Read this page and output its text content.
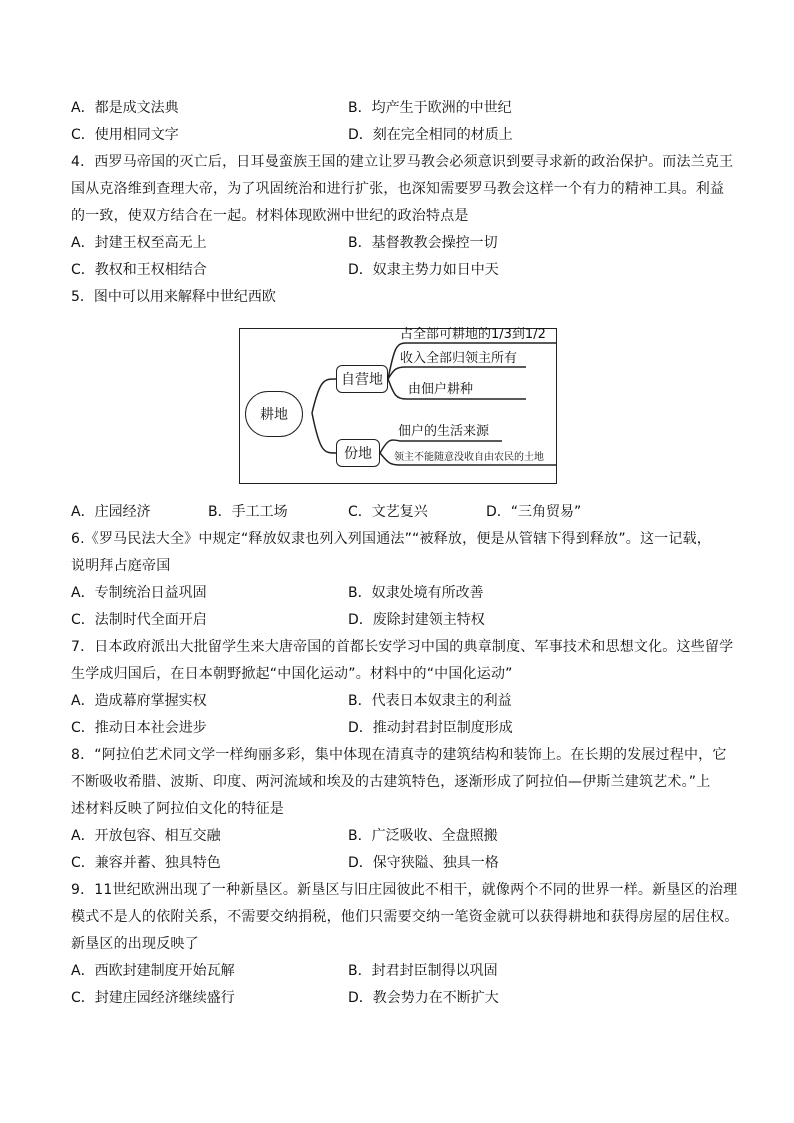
A．都是成文法典	B．均产生于欧洲的中世纪
C．使用相同文字	D．刻在完全相同的材质上
4．西罗马帝国的灭亡后，日耳曼蛮族王国的建立让罗马教会必须意识到要寻求新的政治保护。而法兰克王
国从克洛维到查理大帝，为了巩固统治和进行扩张，也深知需要罗马教会这样一个有力的精神工具。利益
的一致，使双方结合在一起。材料体现欧洲中世纪的政治特点是
A．封建王权至高无上	B．基督教教会操控一切
C．教权和王权相结合	D．奴隶主势力如日中天
5．图中可以用来解释中世纪西欧
耕地
自营地
份地
占全部可耕地的1/3到1/2
收入全部归领主所有
由佃户耕种
佃户的生活来源
领主不能随意没收自由农民的土地
A．庄园经济	B．手工工场	C．文艺复兴	D．“三角贸易”
6.《罗马民法大全》中规定“释放奴隶也列入列国通法”“被释放，便是从管辖下得到释放”。这一记载，
说明拜占庭帝国
A．专制统治日益巩固	B．奴隶处境有所改善
C．法制时代全面开启	D．废除封建领主特权
7．日本政府派出大批留学生来大唐帝国的首都长安学习中国的典章制度、军事技术和思想文化。这些留学
生学成归国后，在日本朝野掀起“中国化运动”。材料中的“中国化运动”
A．造成幕府掌握实权	B．代表日本奴隶主的利益
C．推动日本社会进步	D．推动封君封臣制度形成
8．“阿拉伯艺术同文学一样绚丽多彩，集中体现在清真寺的建筑结构和装饰上。在长期的发展过程中，它
不断吸收希腊、波斯、印度、两河流域和埃及的古建筑特色，逐渐形成了阿拉伯—伊斯兰建筑艺术。”上
述材料反映了阿拉伯文化的特征是
A．开放包容、相互交融	B．广泛吸收、全盘照搬
C．兼容并蓄、独具特色	D．保守狭隘、独具一格
9．11世纪欧洲出现了一种新垦区。新垦区与旧庄园彼此不相干，就像两个不同的世界一样。新垦区的治理
模式不是人的依附关系，不需要交纳捐税，他们只需要交纳一笔资金就可以获得耕地和获得房屋的居住权。
新垦区的出现反映了
A．西欧封建制度开始瓦解	B．封君封臣制得以巩固
C．封建庄园经济继续盛行	D．教会势力在不断扩大
